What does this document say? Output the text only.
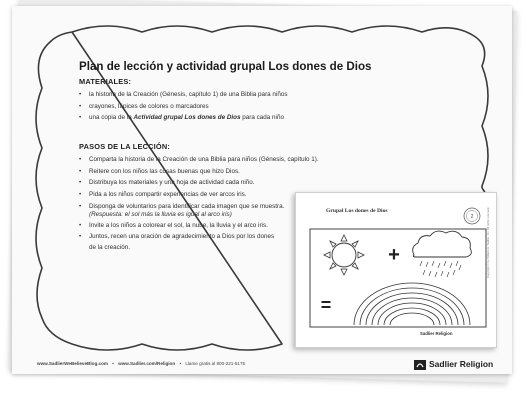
Plan de lección y actividad grupal Los dones de Dios
MATERIALES:
• la historia de la Creación (Génesis, capítulo 1) de una Biblia para niños
• crayones, lápices de colores o marcadores
• una copia de la Actividad grupal Los dones de Dios para cada niño
PASOS DE LA LECCIÓN:
• Comparta la historia de la Creación de una Biblia para niños (Génesis, capítulo 1).
• Reitere con los niños las cosas buenas que hizo Dios.
• Distribuya los materiales y una hoja de actividad cada niño.
• Pida a los niños compartir experiencias de ver arcos iris.
• Disponga de voluntarios para identificar cada imagen que se muestra.
(Respuesta: el sol más la lluvia es igual al arco iris)
• Invite a los niños a colorear el sol, la nube, la lluvia y el arco iris.
• Juntos, recen una oración de agradecimiento a Dios por los dones
de la creación.
Grupal Los dones de Dios
2
+
=
Sadlier Religion
Copyright © by William H. Sadlier, Inc. All rights reserved.
www.SadlierWeBelieveBlog.com • www.Sadlier.com/Religion • Llame gratis al 800-221-5175	Sadlier Religion
